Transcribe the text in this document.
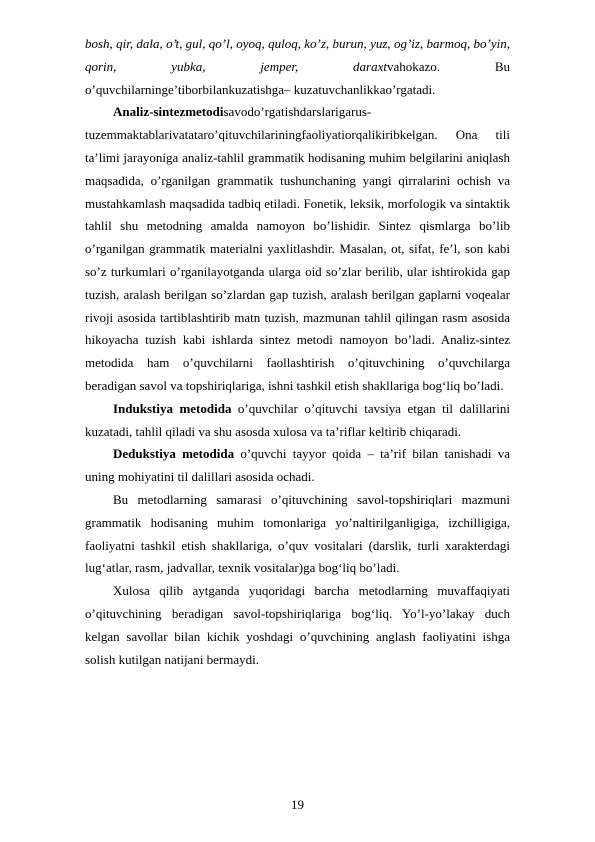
bosh, qir, dala, o’t, gul, qo’l, oyoq, quloq, ko’z, burun, yuz, og’iz, barmoq, bo’yin, qorin, yubka, jemper, daraxtvahokazo. Bu o’quvchilarninge’tiborbilankuzatishga– kuzatuvchanlikkao’rgatadi.

Analiz-sintezmetodisavodo’rgatishdarslarigarus-tuzemmaktablarivatataro’qituvchilariningfaoliyatiorqalikiribkelgan. Ona tili ta’limi jarayoniga analiz-tahlil grammatik hodisaning muhim belgilarini aniqlash maqsadida, o’rganilgan grammatik tushunchaning yangi qirralarini ochish va mustahkamlash maqsadida tadbiq etiladi. Fonetik, leksik, morfologik va sintaktik tahlil shu metodning amalda namoyon bo’lishidir. Sintez qismlarga bo’lib o’rganilgan grammatik materialni yaxlitlashdir. Masalan, ot, sifat, fe’l, son kabi so’z turkumlari o’rganilayotganda ularga oid so’zlar berilib, ular ishtirokida gap tuzish, aralash berilgan so’zlardan gap tuzish, aralash berilgan gaplarni voqealar rivoji asosida tartiblashtirib matn tuzish, mazmunan tahlil qilingan rasm asosida hikoyacha tuzish kabi ishlarda sintez metodi namoyon bo’ladi. Analiz-sintez metodida ham o’quvchilarni faollashtirish o’qituvchining o’quvchilarga beradigan savol va topshiriqlariga, ishni tashkil etish shakllariga bog‘liq bo’ladi.

Indukstiya metodida o’quvchilar o’qituvchi tavsiya etgan til dalillarini kuzatadi, tahlil qiladi va shu asosda xulosa va ta’riflar keltirib chiqaradi.

Dedukstiya metodida o’quvchi tayyor qoida – ta’rif bilan tanishadi va uning mohiyatini til dalillari asosida ochadi.

Bu metodlarning samarasi o’qituvchining savol-topshiriqlari mazmuni grammatik hodisaning muhim tomonlariga yo’naltirilganligiga, izchilligiga, faoliyatni tashkil etish shakllariga, o’quv vositalari (darslik, turli xarakterdagi lug‘atlar, rasm, jadvallar, texnik vositalar)ga bog‘liq bo’ladi.

Xulosa qilib aytganda yuqoridagi barcha metodlarning muvaffaqiyati o’qituvchining beradigan savol-topshiriqlariga bog‘liq. Yo’l-yo’lakay duch kelgan savollar bilan kichik yoshdagi o’quvchining anglash faoliyatini ishga solish kutilgan natijani bermaydi.

19
